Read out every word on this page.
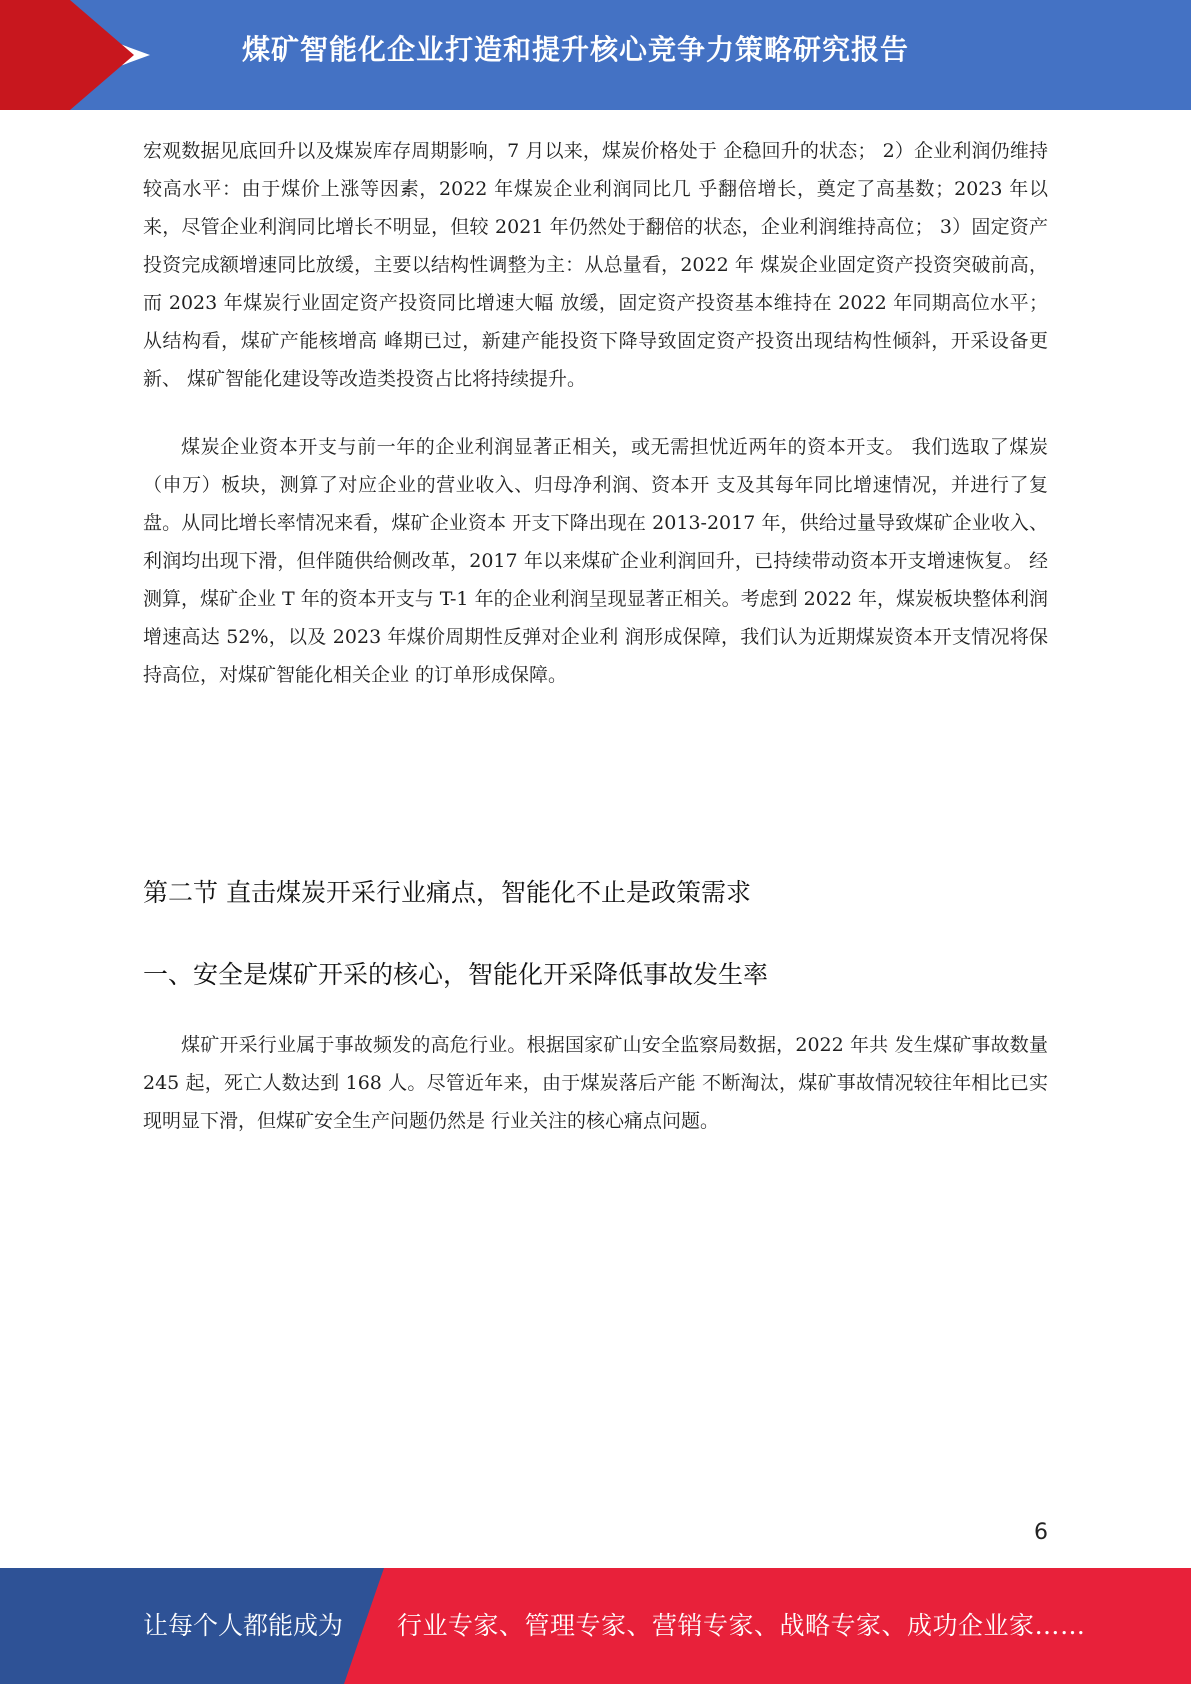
煤矿智能化企业打造和提升核心竞争力策略研究报告

宏观数据见底回升以及煤炭库存周期影响，7 月以来，煤炭价格处于 企稳回升的状态； 2）企业利润仍维持较高水平：由于煤价上涨等因素，2022 年煤炭企业利润同比几 乎翻倍增长，奠定了高基数；2023 年以来，尽管企业利润同比增长不明显，但较 2021 年仍然处于翻倍的状态，企业利润维持高位； 3）固定资产投资完成额增速同比放缓，主要以结构性调整为主：从总量看，2022 年 煤炭企业固定资产投资突破前高，而 2023 年煤炭行业固定资产投资同比增速大幅 放缓，固定资产投资基本维持在 2022 年同期高位水平；从结构看，煤矿产能核增高 峰期已过，新建产能投资下降导致固定资产投资出现结构性倾斜，开采设备更新、 煤矿智能化建设等改造类投资占比将持续提升。

煤炭企业资本开支与前一年的企业利润显著正相关，或无需担忧近两年的资本开支。 我们选取了煤炭（申万）板块，测算了对应企业的营业收入、归母净利润、资本开 支及其每年同比增速情况，并进行了复盘。从同比增长率情况来看，煤矿企业资本 开支下降出现在 2013-2017 年，供给过量导致煤矿企业收入、利润均出现下滑，但伴随供给侧改革，2017 年以来煤矿企业利润回升，已持续带动资本开支增速恢复。 经测算，煤矿企业 T 年的资本开支与 T-1 年的企业利润呈现显著正相关。考虑到 2022 年，煤炭板块整体利润增速高达 52%，以及 2023 年煤价周期性反弹对企业利 润形成保障，我们认为近期煤炭资本开支情况将保持高位，对煤矿智能化相关企业 的订单形成保障。

第二节 直击煤炭开采行业痛点，智能化不止是政策需求
一、安全是煤矿开采的核心，智能化开采降低事故发生率

煤矿开采行业属于事故频发的高危行业。根据国家矿山安全监察局数据，2022 年共 发生煤矿事故数量 245 起，死亡人数达到 168 人。尽管近年来，由于煤炭落后产能 不断淘汰，煤矿事故情况较往年相比已实现明显下滑，但煤矿安全生产问题仍然是 行业关注的核心痛点问题。

6
让每个人都能成为 行业专家、管理专家、营销专家、战略专家、成功企业家……
